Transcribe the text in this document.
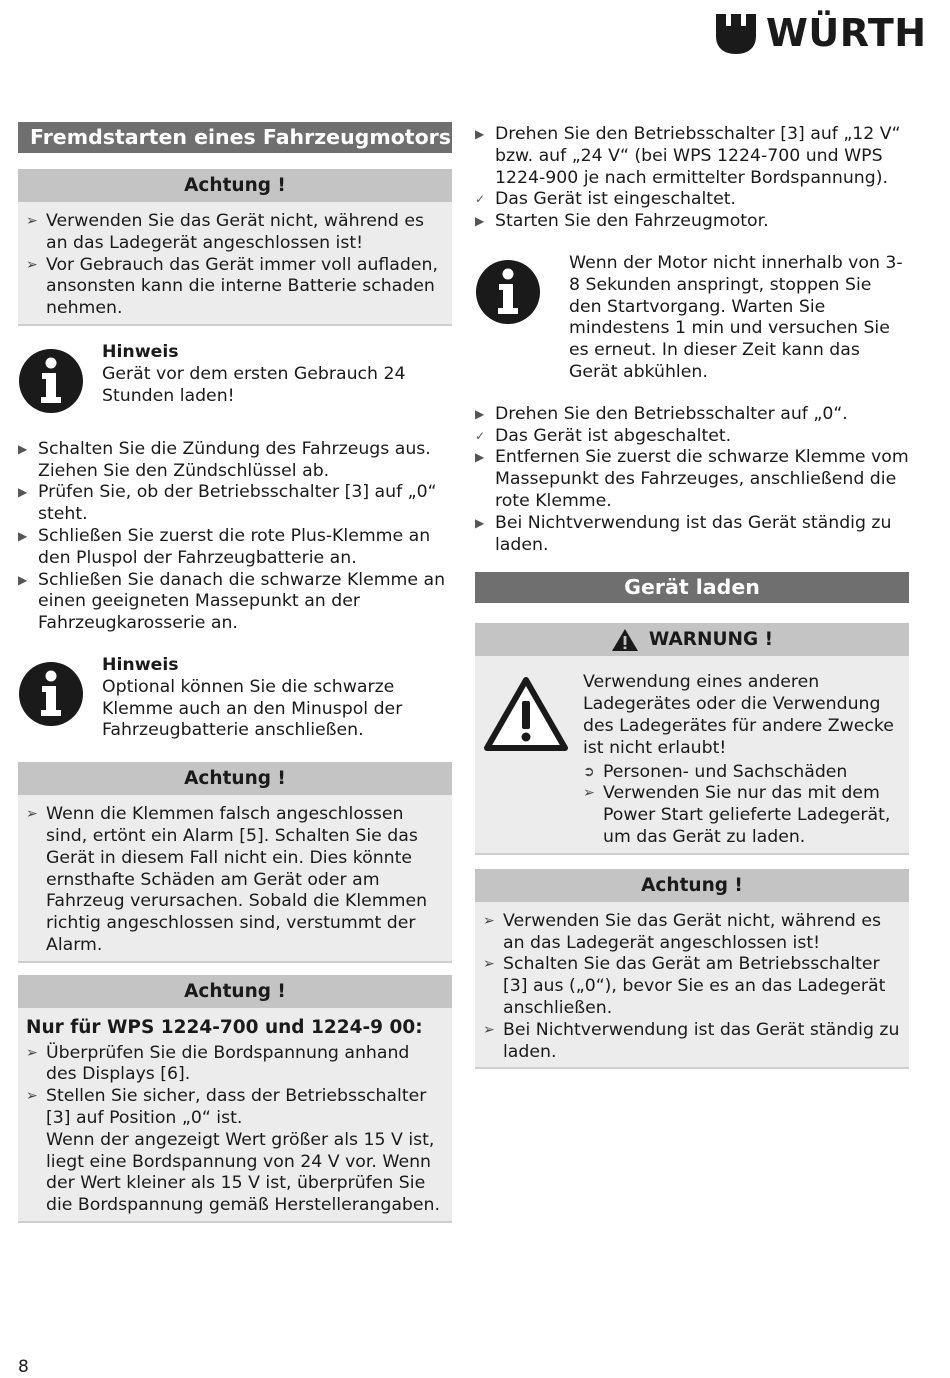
WÜRTH
Fremdstarten eines Fahrzeugmotors
Achtung !
➢ Verwenden Sie das Gerät nicht, während es an das Ladegerät angeschlossen ist!
➢ Vor Gebrauch das Gerät immer voll aufladen, ansonsten kann die interne Batterie schaden nehmen.
Hinweis
Gerät vor dem ersten Gebrauch 24 Stunden laden!
▶ Schalten Sie die Zündung des Fahrzeugs aus. Ziehen Sie den Zündschlüssel ab.
▶ Prüfen Sie, ob der Betriebsschalter [3] auf „0“ steht.
▶ Schließen Sie zuerst die rote Plus-Klemme an den Pluspol der Fahrzeugbatterie an.
▶ Schließen Sie danach die schwarze Klemme an einen geeigneten Massepunkt an der Fahrzeugkarosserie an.
Hinweis
Optional können Sie die schwarze Klemme auch an den Minuspol der Fahrzeugbatterie anschließen.
Achtung !
➢ Wenn die Klemmen falsch angeschlossen sind, ertönt ein Alarm [5]. Schalten Sie das Gerät in diesem Fall nicht ein. Dies könnte ernsthafte Schäden am Gerät oder am Fahrzeug verursachen. Sobald die Klemmen richtig angeschlossen sind, verstummt der Alarm.
Achtung !
Nur für WPS 1224-700 und 1224-9 00:
➢ Überprüfen Sie die Bordspannung anhand des Displays [6].
➢ Stellen Sie sicher, dass der Betriebsschalter [3] auf Position „0“ ist.
Wenn der angezeigt Wert größer als 15 V ist, liegt eine Bordspannung von 24 V vor. Wenn der Wert kleiner als 15 V ist, überprüfen Sie die Bordspannung gemäß Herstellerangaben.
▶ Drehen Sie den Betriebsschalter [3] auf „12 V“ bzw. auf „24 V“ (bei WPS 1224-700 und WPS 1224-900 je nach ermittelter Bordspannung).
✓ Das Gerät ist eingeschaltet.
▶ Starten Sie den Fahrzeugmotor.
Wenn der Motor nicht innerhalb von 3-8 Sekunden anspringt, stoppen Sie den Startvorgang. Warten Sie mindestens 1 min und versuchen Sie es erneut. In dieser Zeit kann das Gerät abkühlen.
▶ Drehen Sie den Betriebsschalter auf „0“.
✓ Das Gerät ist abgeschaltet.
▶ Entfernen Sie zuerst die schwarze Klemme vom Massepunkt des Fahrzeuges, anschließend die rote Klemme.
▶ Bei Nichtverwendung ist das Gerät ständig zu laden.
Gerät laden
WARNUNG !
Verwendung eines anderen Ladegerätes oder die Verwendung des Ladegerätes für andere Zwecke ist nicht erlaubt!
➲ Personen- und Sachschäden
➢ Verwenden Sie nur das mit dem Power Start gelieferte Ladegerät, um das Gerät zu laden.
Achtung !
➢ Verwenden Sie das Gerät nicht, während es an das Ladegerät angeschlossen ist!
➢ Schalten Sie das Gerät am Betriebsschalter [3] aus („0“), bevor Sie es an das Ladegerät anschließen.
➢ Bei Nichtverwendung ist das Gerät ständig zu laden.
8
